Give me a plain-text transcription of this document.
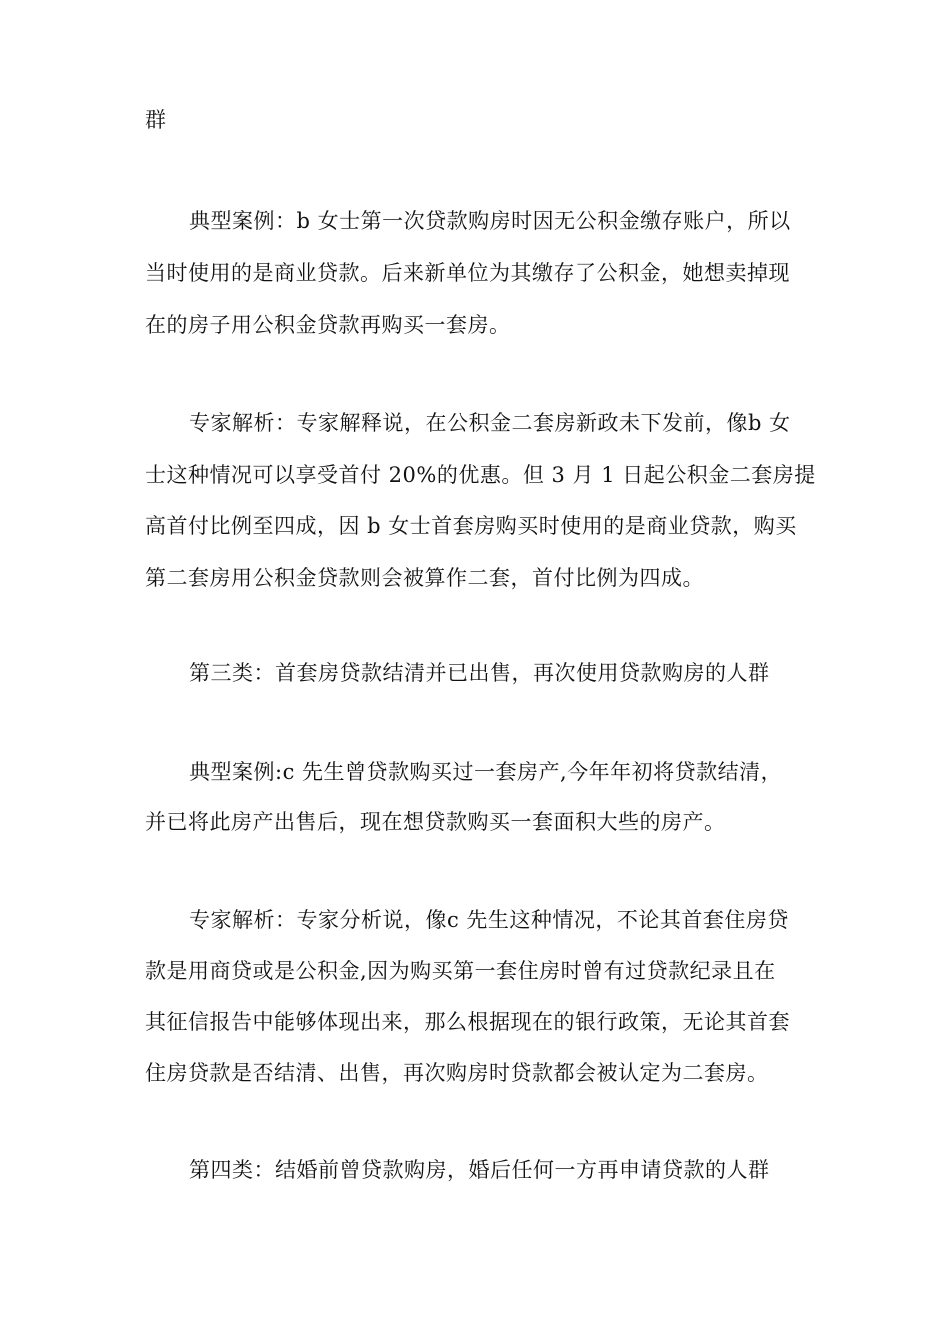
群
典型案例：b 女士第一次贷款购房时因无公积金缴存账户，所以
当时使用的是商业贷款。后来新单位为其缴存了公积金，她想卖掉现
在的房子用公积金贷款再购买一套房。
专家解析：专家解释说，在公积金二套房新政未下发前，像b 女
士这种情况可以享受首付 20%的优惠。但 3 月 1 日起公积金二套房提
高首付比例至四成，因 b 女士首套房购买时使用的是商业贷款，购买
第二套房用公积金贷款则会被算作二套，首付比例为四成。
第三类：首套房贷款结清并已出售，再次使用贷款购房的人群
典型案例:c 先生曾贷款购买过一套房产,今年年初将贷款结清，
并已将此房产出售后，现在想贷款购买一套面积大些的房产。
专家解析：专家分析说，像c 先生这种情况，不论其首套住房贷
款是用商贷或是公积金,因为购买第一套住房时曾有过贷款纪录且在
其征信报告中能够体现出来，那么根据现在的银行政策，无论其首套
住房贷款是否结清、出售，再次购房时贷款都会被认定为二套房。
第四类：结婚前曾贷款购房，婚后任何一方再申请贷款的人群
